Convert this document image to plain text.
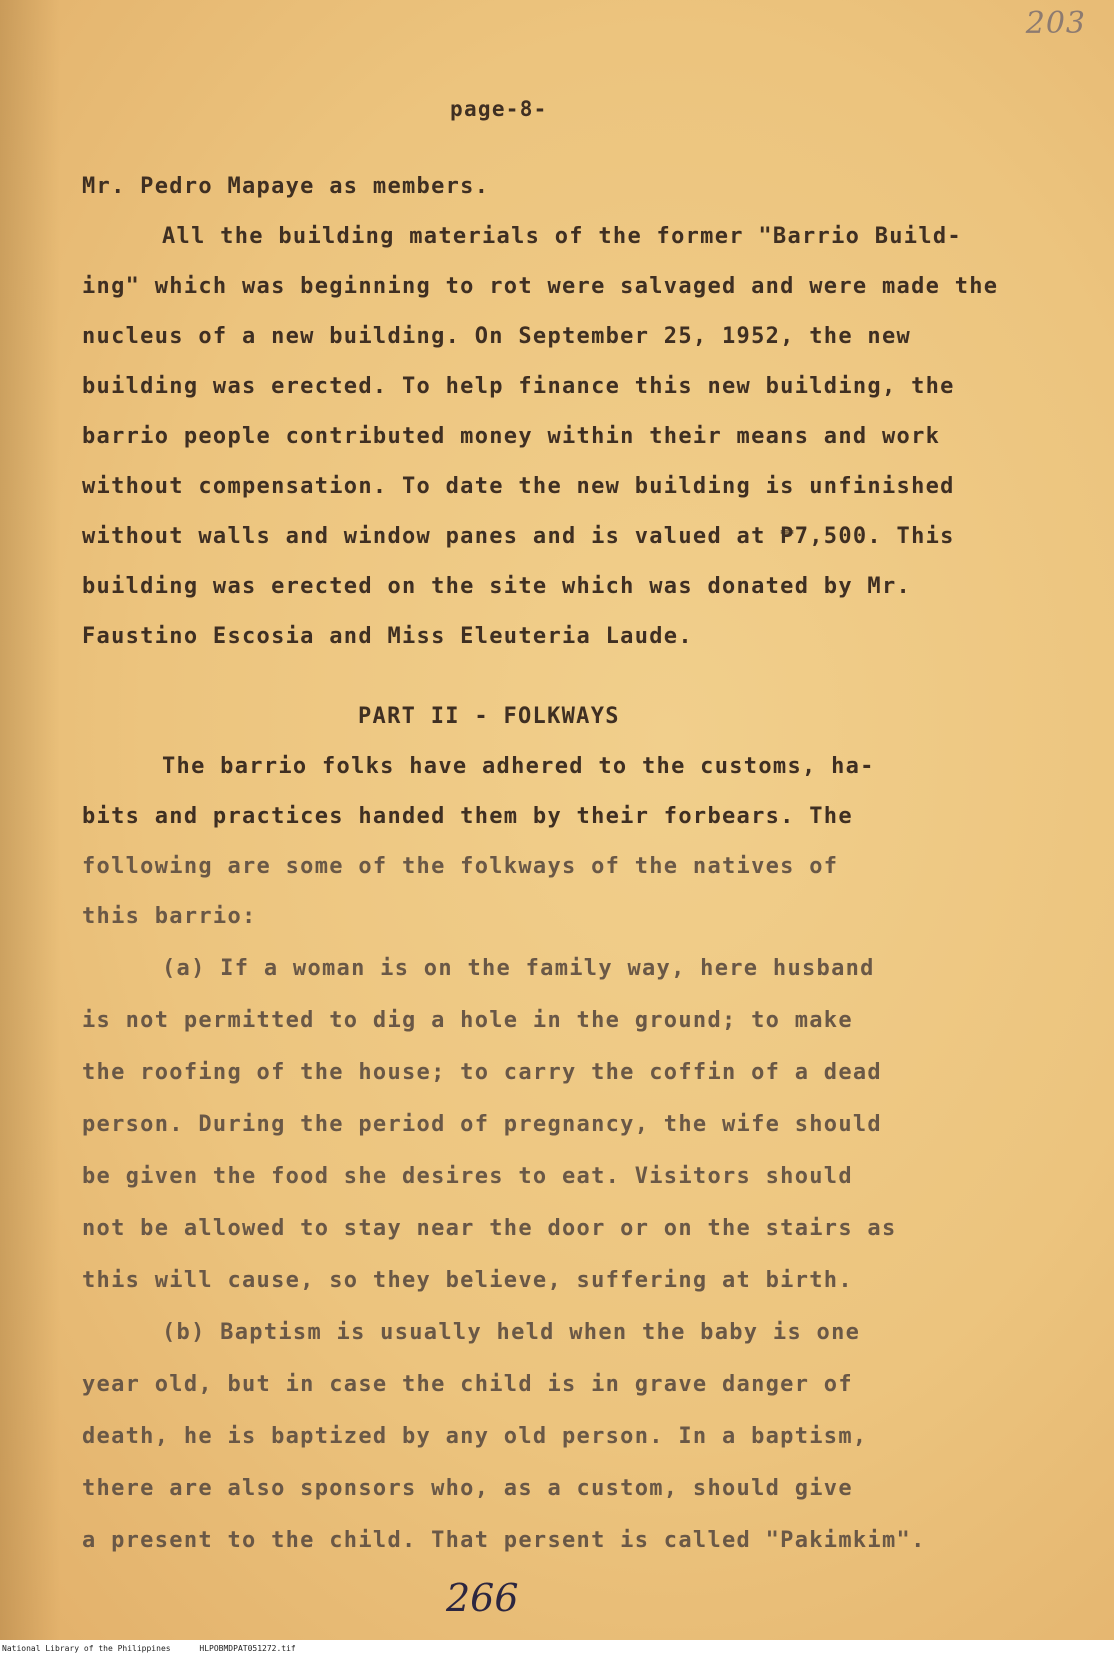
203
page-8-
Mr. Pedro Mapaye as members.
All the building materials of the former "Barrio Build-
ing" which was beginning to rot were salvaged and were made the
nucleus of a new building. On September 25, 1952, the new
building was erected. To help finance this new building, the
barrio people contributed money within their means and work
without compensation. To date the new building is unfinished
without walls and window panes and is valued at ₱7,500. This
building was erected on the site which was donated by Mr.
Faustino Escosia and Miss Eleuteria Laude.
PART II - FOLKWAYS
The barrio folks have adhered to the customs, ha-
bits and practices handed them by their forbears. The
following are some of the folkways of the natives of
this barrio:
(a) If a woman is on the family way, here husband
is not permitted to dig a hole in the ground; to make
the roofing of the house; to carry the coffin of a dead
person. During the period of pregnancy, the wife should
be given the food she desires to eat. Visitors should
not be allowed to stay near the door or on the stairs as
this will cause, so they believe, suffering at birth.
(b) Baptism is usually held when the baby is one
year old, but in case the child is in grave danger of
death, he is baptized by any old person. In a baptism,
there are also sponsors who, as a custom, should give
a present to the child. That persent is called "Pakimkim".
266
National Library of the Philippines	HLPOBMDPAT051272.tif
